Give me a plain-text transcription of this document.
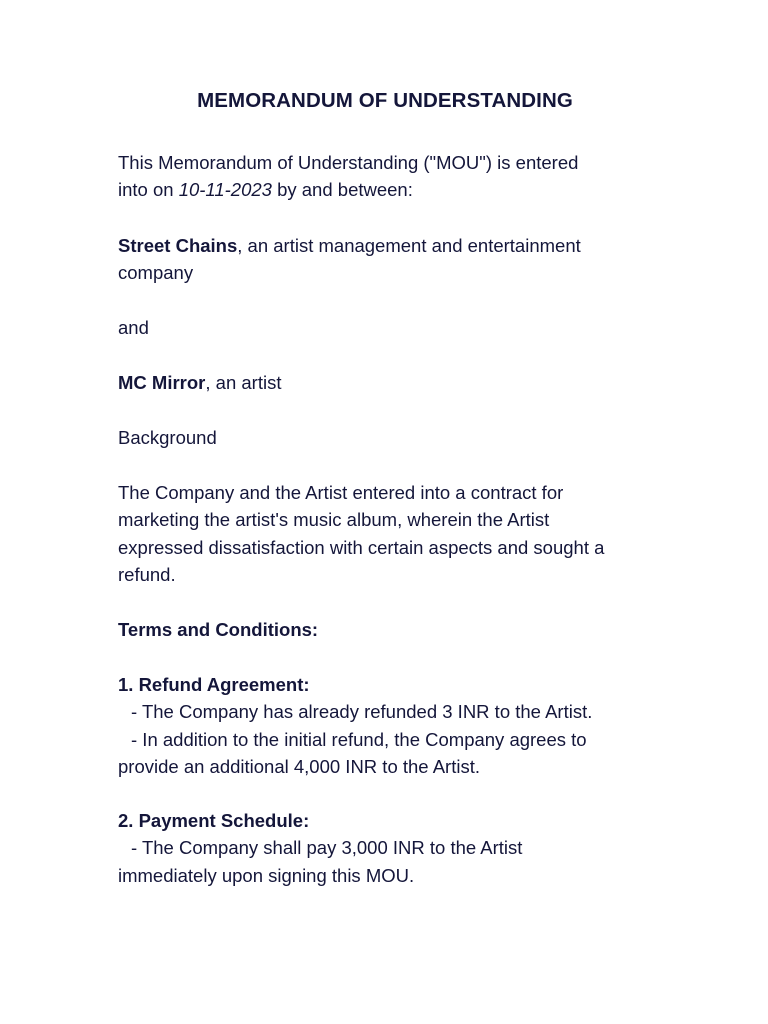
MEMORANDUM OF UNDERSTANDING
This Memorandum of Understanding ("MOU") is entered
into on 10-11-2023 by and between:
Street Chains, an artist management and entertainment
company
and
MC Mirror, an artist
Background
The Company and the Artist entered into a contract for
marketing the artist's music album, wherein the Artist
expressed dissatisfaction with certain aspects and sought a
refund.
Terms and Conditions:
1. Refund Agreement:
- The Company has already refunded 3 INR to the Artist.
- In addition to the initial refund, the Company agrees to
provide an additional 4,000 INR to the Artist.
2. Payment Schedule:
- The Company shall pay 3,000 INR to the Artist
immediately upon signing this MOU.
